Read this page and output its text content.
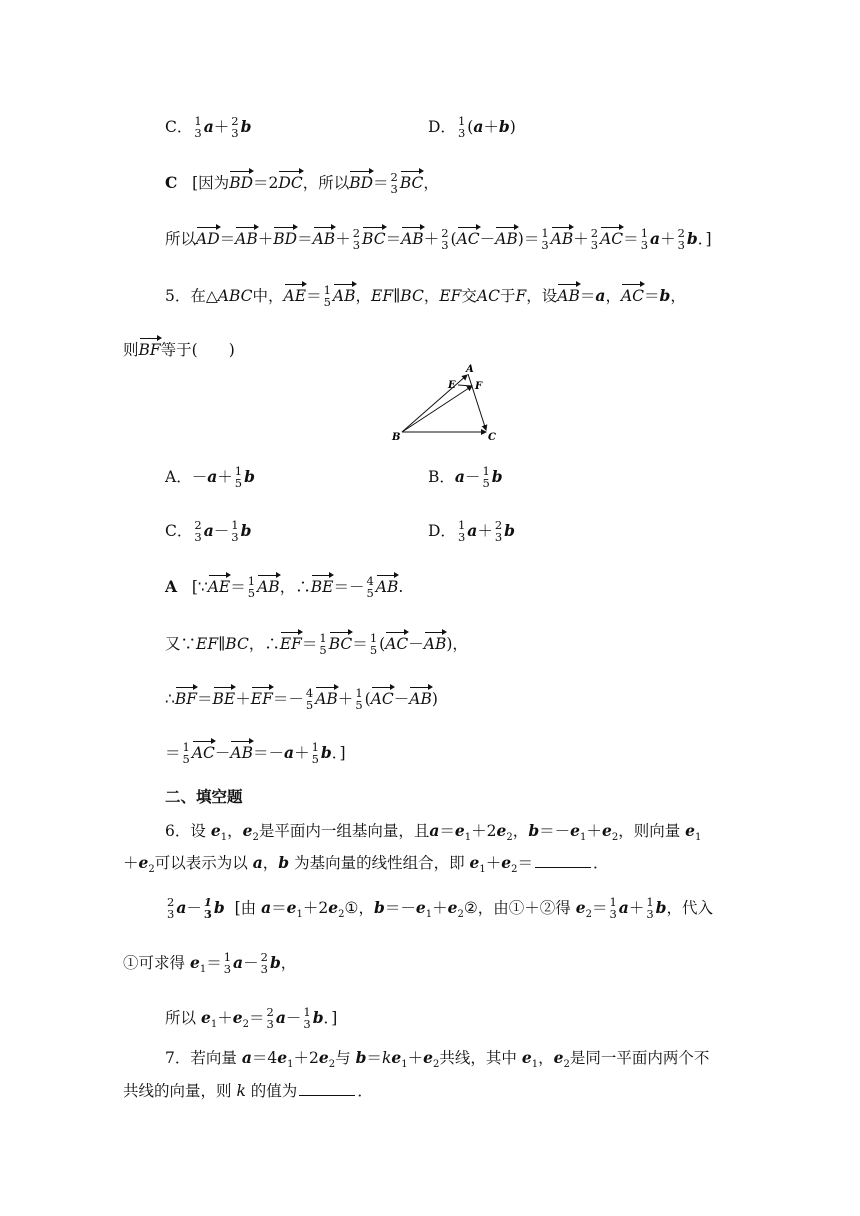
C． 1
3 a＋ 2
3 b	D． 1
3 (a＋b)
C [因为BD＝2DC，所以BD＝ 2
3 BC，
所以AD＝AB＋BD＝AB＋ 2
3 BC＝AB＋ 2
3 (AC－AB)＝ 1
3 AB＋ 2
3 AC＝ 1
3 a＋ 2
3 b．]
5．在△ABC中，AE＝ 1
5 AB，EF∥BC，EF交AC于F，设AB＝a，AC＝b，
则BF等于(　　)
A
E F
B	C
A．－a＋ 1
5 b	B．a－ 1
5 b
C． 2
3 a－ 1
3 b	D． 1
3 a＋ 2
3 b
A [∵AE＝ 1
5 AB，∴BE＝－ 4
5 AB.
又∵EF∥BC，∴EF＝ 1
5 BC＝ 1
5 (AC－AB)，
∴BF＝BE＋EF＝－ 4
5 AB＋ 1
5 (AC－AB)
＝ 1
5 AC－AB＝－a＋ 1
5 b．]
二、填空题
6．设 $e_1$，$e_2$是平面内一组基向量，且$a=e_1+2e_2$，$b=-e_1+e_2$，则向量 $e_1$
$+e_2$可以表示为以 a，b 为基向量的线性组合，即 $e_1+e_2=$	．
2
3 a－ 1
3 b [由 $a=e_1+2e_2①$，$b=-e_1+e_2②$，由①＋②得 $e_2= 1$
3 a＋ 1
3 b，代入
①可求得 $e_1= 1$
3 a－ 2
3 b，
所以 $e_1+e_2= 2$
3 a－ 1
3 b．]
7．若向量 $a=4e_1+2e_2$与 $b=ke_1+e_2$共线，其中 $e_1$，$e_2$是同一平面内两个不
共线的向量，则 k 的值为	．
